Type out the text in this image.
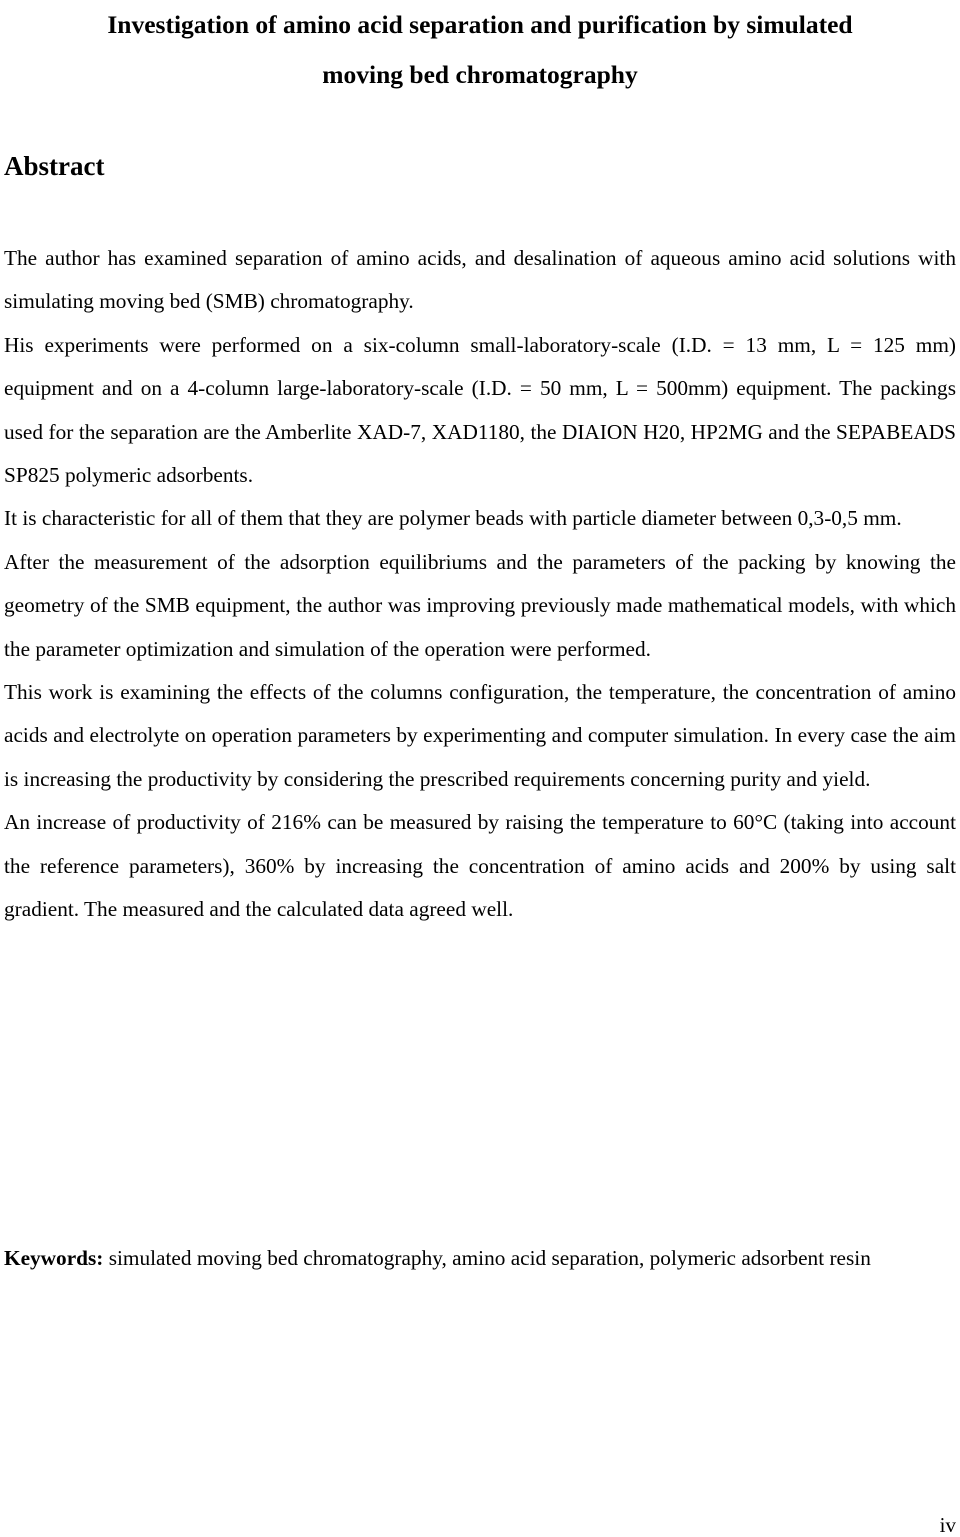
Investigation of amino acid separation and purification by simulated
moving bed chromatography
Abstract

The author has examined separation of amino acids, and desalination of aqueous amino acid solutions with simulating moving bed (SMB) chromatography.

His experiments were performed on a six-column small-laboratory-scale (I.D. = 13 mm, L = 125 mm) equipment and on a 4-column large-laboratory-scale (I.D. = 50 mm, L = 500mm) equipment. The packings used for the separation are the Amberlite XAD-7, XAD1180, the DIAION H20, HP2MG and the SEPABEADS SP825 polymeric adsorbents.

It is characteristic for all of them that they are polymer beads with particle diameter between 0,3-0,5 mm.

After the measurement of the adsorption equilibriums and the parameters of the packing by knowing the geometry of the SMB equipment, the author was improving previously made mathematical models, with which the parameter optimization and simulation of the operation were performed.

This work is examining the effects of the columns configuration, the temperature, the concentration of amino acids and electrolyte on operation parameters by experimenting and computer simulation. In every case the aim is increasing the productivity by considering the prescribed requirements concerning purity and yield.

An increase of productivity of 216% can be measured by raising the temperature to 60°C (taking into account the reference parameters), 360% by increasing the concentration of amino acids and 200% by using salt gradient. The measured and the calculated data agreed well.

Keywords: simulated moving bed chromatography, amino acid separation, polymeric adsorbent resin

iv
